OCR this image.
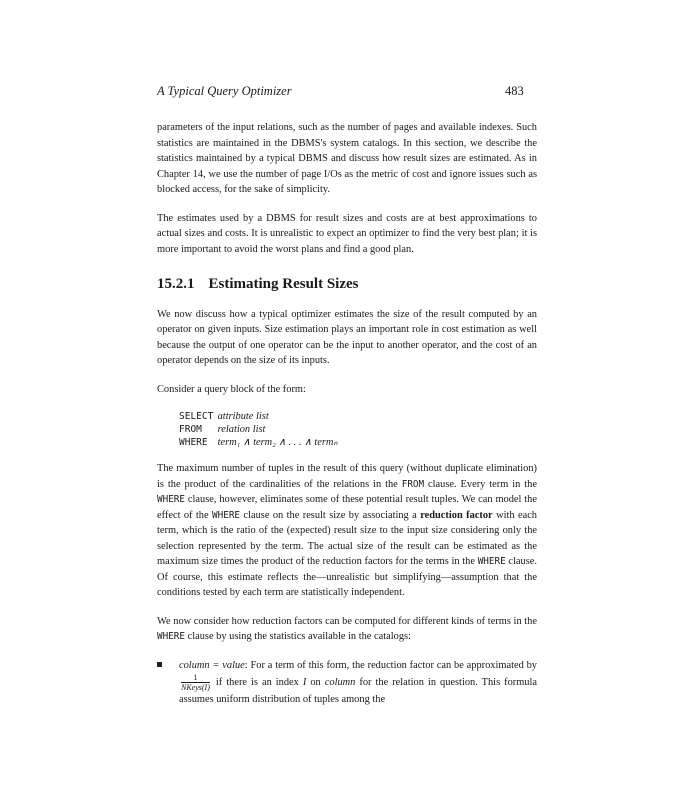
A Typical Query Optimizer	483

parameters of the input relations, such as the number of pages and available indexes. Such statistics are maintained in the DBMS's system catalogs. In this section, we describe the statistics maintained by a typical DBMS and discuss how result sizes are estimated. As in Chapter 14, we use the number of page I/Os as the metric of cost and ignore issues such as blocked access, for the sake of simplicity.

The estimates used by a DBMS for result sizes and costs are at best approximations to actual sizes and costs. It is unrealistic to expect an optimizer to find the very best plan; it is more important to avoid the worst plans and find a good plan.

15.2.1 Estimating Result Sizes

We now discuss how a typical optimizer estimates the size of the result computed by an operator on given inputs. Size estimation plays an important role in cost estimation as well because the output of one operator can be the input to another operator, and the cost of an operator depends on the size of its inputs.

Consider a query block of the form:

SELECT attribute list
FROM relation list
WHERE term₁ ∧ term₂ ∧ . . . ∧ termₙ

The maximum number of tuples in the result of this query (without duplicate elimination) is the product of the cardinalities of the relations in the FROM clause. Every term in the WHERE clause, however, eliminates some of these potential result tuples. We can model the effect of the WHERE clause on the result size by associating a reduction factor with each term, which is the ratio of the (expected) result size to the input size considering only the selection represented by the term. The actual size of the result can be estimated as the maximum size times the product of the reduction factors for the terms in the WHERE clause. Of course, this estimate reflects the—unrealistic but simplifying—assumption that the conditions tested by each term are statistically independent.

We now consider how reduction factors can be computed for different kinds of terms in the WHERE clause by using the statistics available in the catalogs:

column = value: For a term of this form, the reduction factor can be approximated by
$\frac{1}{\text{NKeys(I)}}$ if there is an index I on column for the relation in question. This formula assumes uniform distribution of tuples among the
